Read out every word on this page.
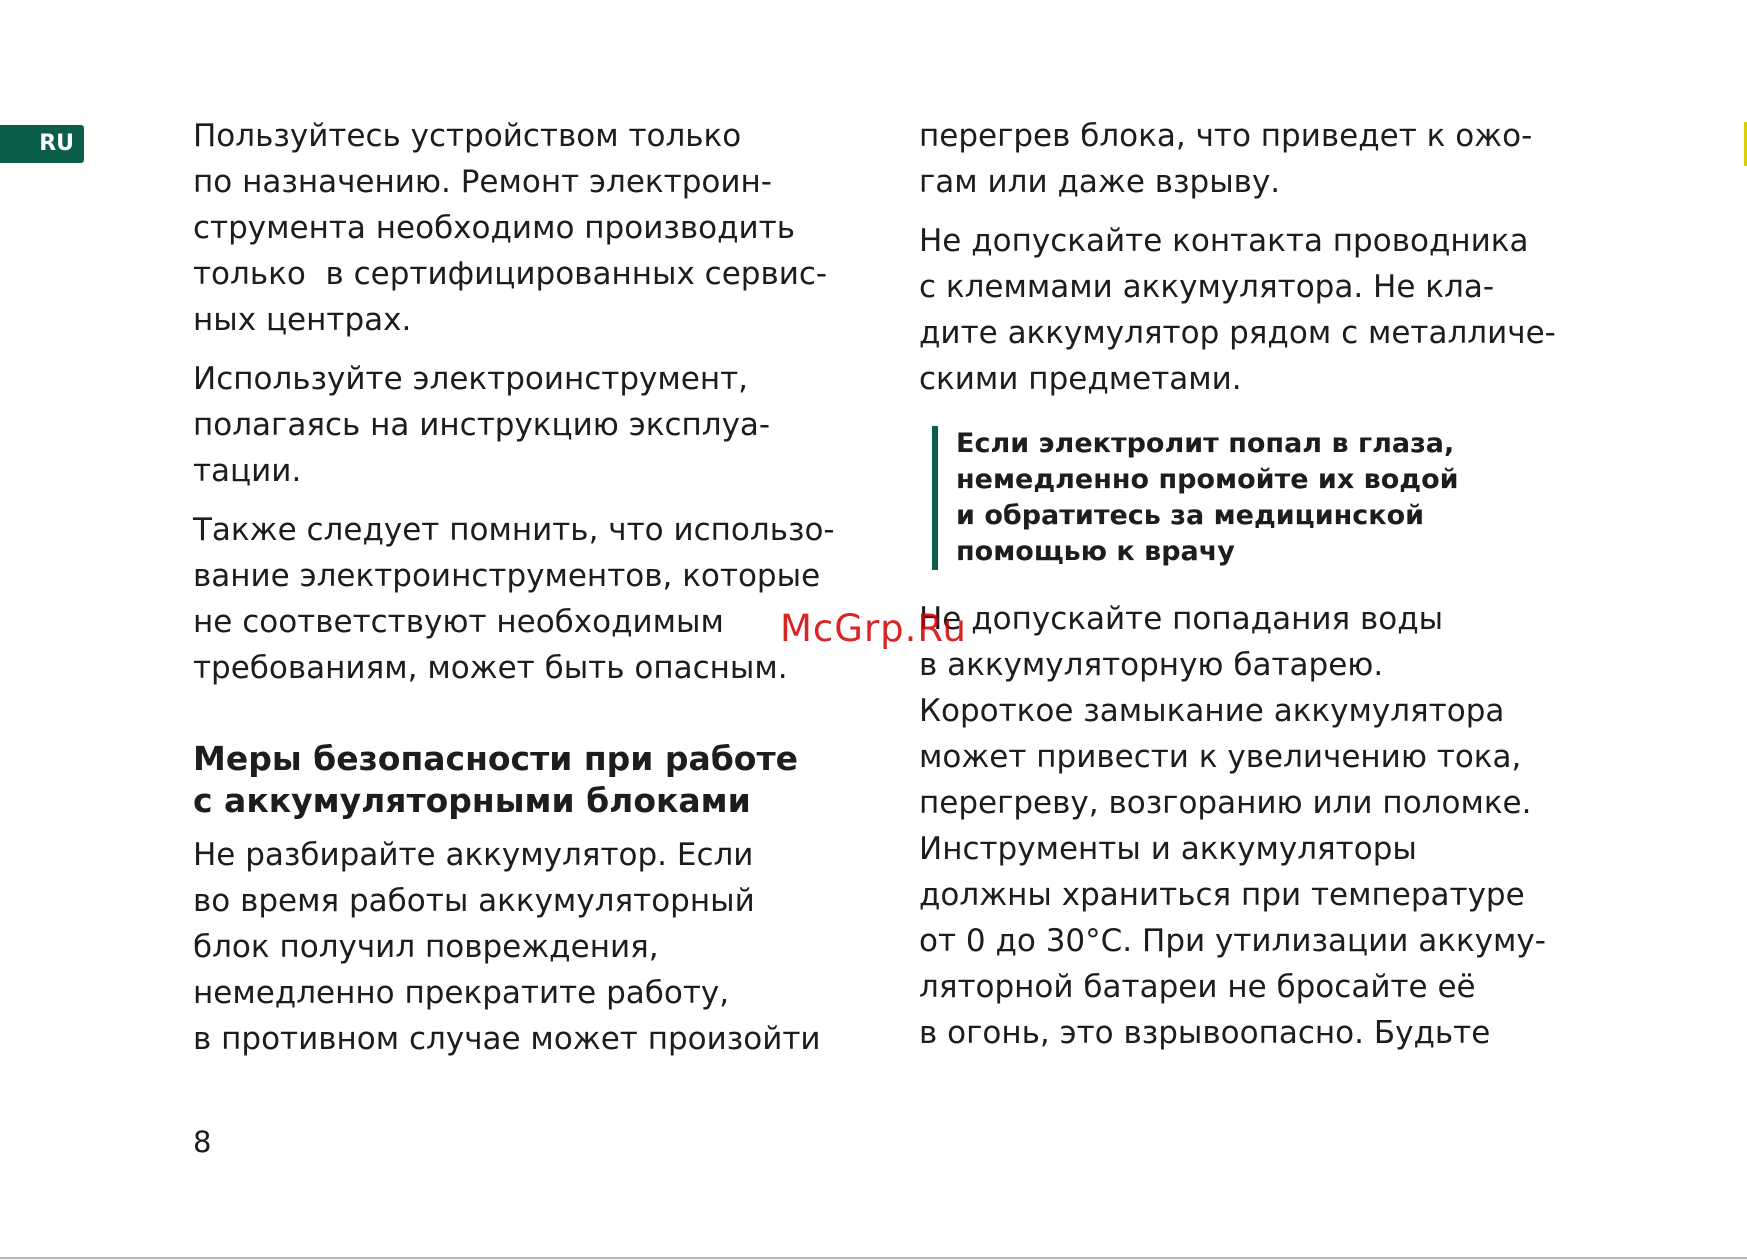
RU	Пользуйтесь устройством только
по назначению. Ремонт электроин-
струмента необходимо производить
только  в сертифицированных сервис-
ных центрах.

Используйте электроинструмент,
полагаясь на инструкцию эксплуа-
тации.

Также следует помнить, что использо-
вание электроинструментов, которые
не соответствуют необходимым
требованиям, может быть опасным.

Меры безопасности при работе
с аккумуляторными блоками

Не разбирайте аккумулятор. Если
во время работы аккумуляторный
блок получил повреждения,
немедленно прекратите работу,
в противном случае может произойти

перегрев блока, что приведет к ожо-
гам или даже взрыву.

Не допускайте контакта проводника
с клеммами аккумулятора. Не кла-
дите аккумулятор рядом с металличе-
скими предметами.

Если электролит попал в глаза,
немедленно промойте их водой
и обратитесь за медицинской
помощью к врачу

Не допускайте попадания воды
в аккумуляторную батарею.
Короткое замыкание аккумулятора
может привести к увеличению тока,
перегреву, возгоранию или поломке.
Инструменты и аккумуляторы
должны храниться при температуре
от 0 до 30°С. При утилизации аккуму-
ляторной батареи не бросайте её
в огонь, это взрывоопасно. Будьте

McGrp.Ru
8
